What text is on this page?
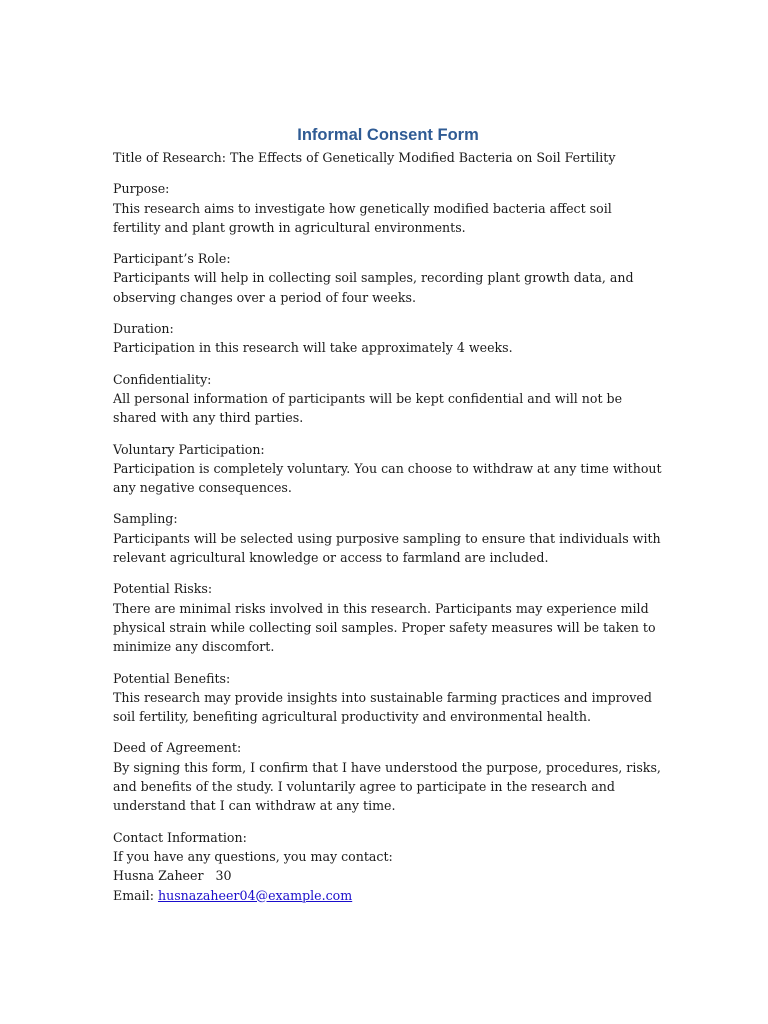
Informal Consent Form
Title of Research: The Effects of Genetically Modified Bacteria on Soil Fertility

Purpose:

This research aims to investigate how genetically modified bacteria affect soil fertility and plant growth in agricultural environments.

Participant’s Role:

Participants will help in collecting soil samples, recording plant growth data, and observing changes over a period of four weeks.

Duration:

Participation in this research will take approximately 4 weeks.

Confidentiality:

All personal information of participants will be kept confidential and will not be shared with any third parties.

Voluntary Participation:

Participation is completely voluntary. You can choose to withdraw at any time without any negative consequences.

Sampling:

Participants will be selected using purposive sampling to ensure that individuals with relevant agricultural knowledge or access to farmland are included.

Potential Risks:

There are minimal risks involved in this research. Participants may experience mild physical strain while collecting soil samples. Proper safety measures will be taken to minimize any discomfort.

Potential Benefits:

This research may provide insights into sustainable farming practices and improved soil fertility, benefiting agricultural productivity and environmental health.

Deed of Agreement:

By signing this form, I confirm that I have understood the purpose, procedures, risks, and benefits of the study. I voluntarily agree to participate in the research and understand that I can withdraw at any time.

Contact Information:

If you have any questions, you may contact:

Husna Zaheer 30

Email: husnazaheer04@example.com
